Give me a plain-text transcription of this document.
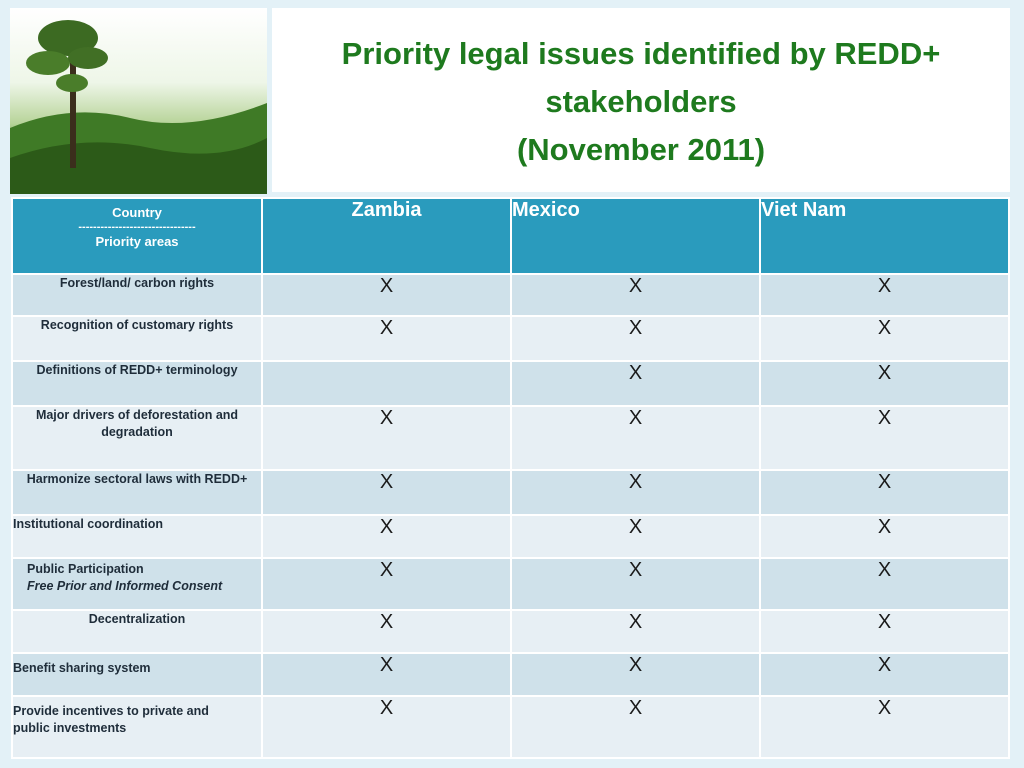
Priority legal issues identified by REDD+
stakeholders
(November 2011)
Country
--------------------------------
Priority areas	Zambia	Mexico	Viet Nam
Forest/land/ carbon rights	X	X	X
Recognition of customary rights	X	X	X
Definitions of REDD+ terminology		X	X
Major drivers of deforestation and degradation	X	X	X
Harmonize sectoral laws with REDD+	X	X	X
Institutional coordination	X	X	X
Public Participation
Free Prior and Informed Consent	X	X	X
Decentralization	X	X	X
Benefit sharing system	X	X	X
Provide incentives to private and public investments	X	X	X
